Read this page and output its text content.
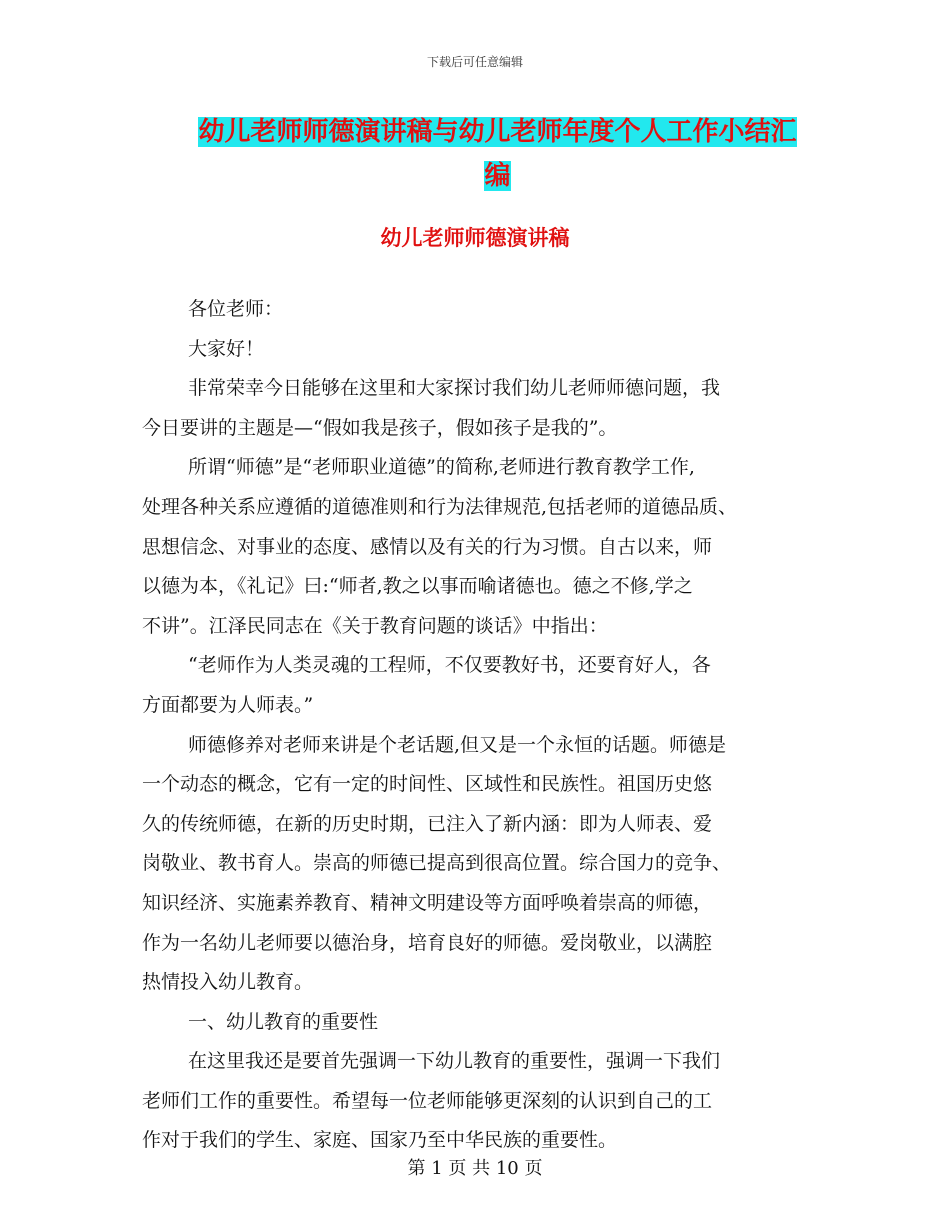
下载后可任意编辑
幼儿老师师德演讲稿与幼儿老师年度个人工作小结汇
编
幼儿老师师德演讲稿
各位老师：
大家好！
非常荣幸今日能够在这里和大家探讨我们幼儿老师师德问题，我
今日要讲的主题是—“假如我是孩子，假如孩子是我的”。
所谓“师德”是“老师职业道德”的简称,老师进行教育教学工作,
处理各种关系应遵循的道德准则和行为法律规范,包括老师的道德品质、
思想信念、对事业的态度、感情以及有关的行为习惯。自古以来，师
以德为本，《礼记》曰:“师者,教之以事而喻诸德也。德之不修,学之
不讲”。江泽民同志在《关于教育问题的谈话》中指出：
“老师作为人类灵魂的工程师，不仅要教好书，还要育好人，各
方面都要为人师表。”
师德修养对老师来讲是个老话题,但又是一个永恒的话题。师德是
一个动态的概念，它有一定的时间性、区域性和民族性。祖国历史悠
久的传统师德，在新的历史时期，已注入了新内涵：即为人师表、爱
岗敬业、教书育人。崇高的师德已提高到很高位置。综合国力的竞争、
知识经济、实施素养教育、精神文明建设等方面呼唤着崇高的师德，
作为一名幼儿老师要以德治身，培育良好的师德。爱岗敬业，以满腔
热情投入幼儿教育。
一、幼儿教育的重要性
在这里我还是要首先强调一下幼儿教育的重要性，强调一下我们
老师们工作的重要性。希望每一位老师能够更深刻的认识到自己的工
作对于我们的学生、家庭、国家乃至中华民族的重要性。
第 1 页 共 10 页
